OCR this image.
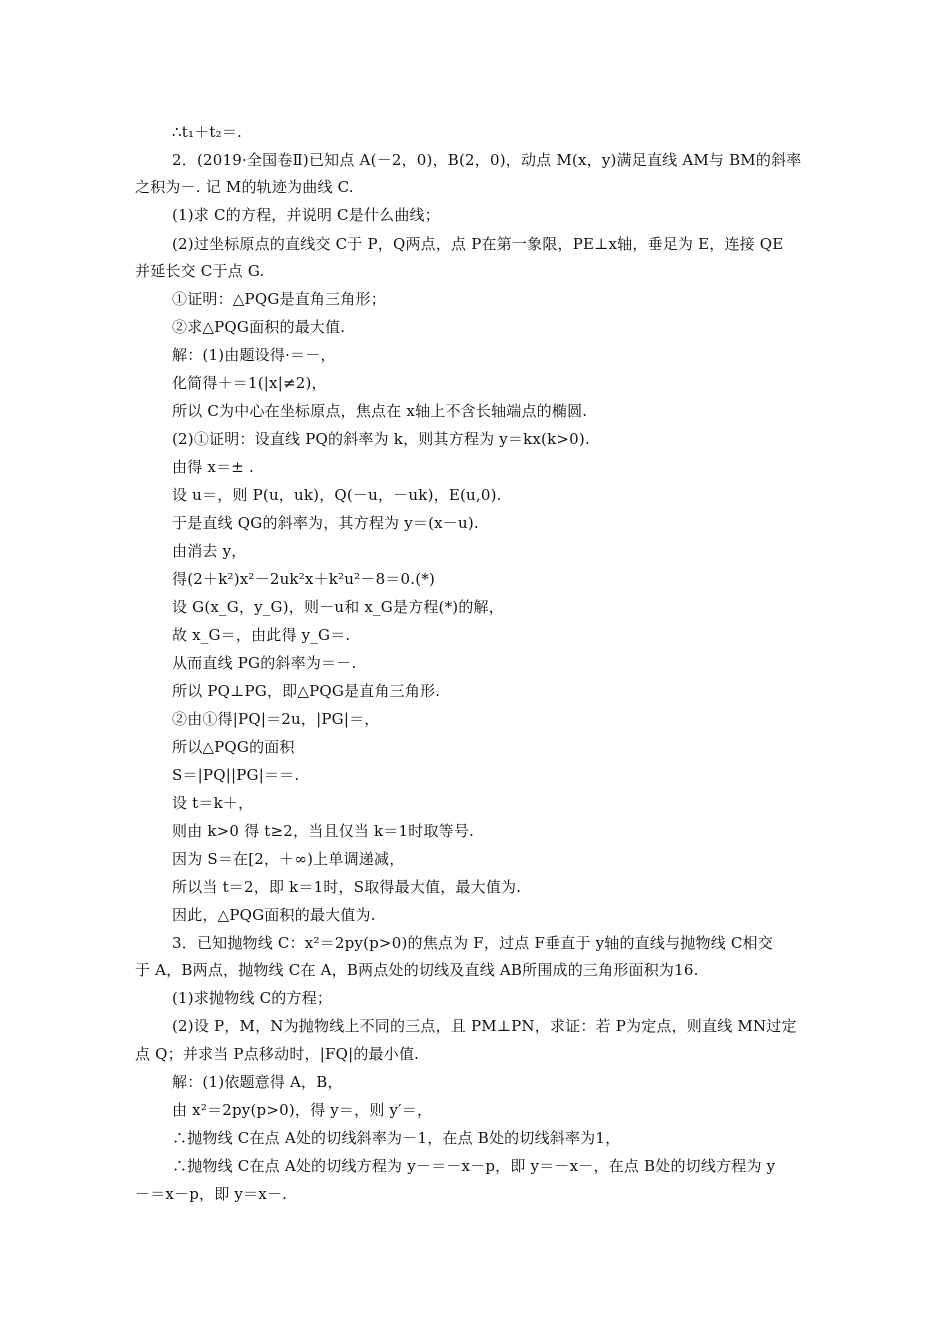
∴t₁＋t₂＝.
2．(2019·全国卷Ⅱ)已知点 A(－2，0)，B(2，0)，动点 M(x，y)满足直线 AM与 BM的斜率
之积为－. 记 M的轨迹为曲线 C.
(1)求 C的方程，并说明 C是什么曲线；
(2)过坐标原点的直线交 C于 P，Q两点，点 P在第一象限，PE⊥x轴，垂足为 E，连接 QE
并延长交 C于点 G.
①证明：△PQG是直角三角形；
②求△PQG面积的最大值.
解：(1)由题设得·＝－，
化简得＋＝1(|x|≠2)，
所以 C为中心在坐标原点，焦点在 x轴上不含长轴端点的椭圆.
(2)①证明：设直线 PQ的斜率为 k，则其方程为 y＝kx(k>0).
由得 x＝± .
设 u＝，则 P(u，uk)，Q(－u，－uk)，E(u,0).
于是直线 QG的斜率为，其方程为 y＝(x－u).
由消去 y，
得(2＋k²)x²－2uk²x＋k²u²－8＝0.(*)
设 G(x_G，y_G)，则－u和 x_G是方程(*)的解，
故 x_G＝，由此得 y_G＝.
从而直线 PG的斜率为＝－.
所以 PQ⊥PG，即△PQG是直角三角形.
②由①得|PQ|＝2u，|PG|＝，
所以△PQG的面积
S＝|PQ||PG|＝＝.
设 t＝k＋，
则由 k>0 得 t≥2，当且仅当 k＝1时取等号.
因为 S＝在[2，＋∞)上单调递减，
所以当 t＝2，即 k＝1时，S取得最大值，最大值为.
因此，△PQG面积的最大值为.
3．已知抛物线 C：x²＝2py(p>0)的焦点为 F，过点 F垂直于 y轴的直线与抛物线 C相交
于 A，B两点，抛物线 C在 A，B两点处的切线及直线 AB所围成的三角形面积为16.
(1)求抛物线 C的方程；
(2)设 P，M，N为抛物线上不同的三点，且 PM⊥PN，求证：若 P为定点，则直线 MN过定
点 Q；并求当 P点移动时，|FQ|的最小值.
解：(1)依题意得 A，B，
由 x²＝2py(p>0)，得 y＝，则 y′＝，
∴抛物线 C在点 A处的切线斜率为－1，在点 B处的切线斜率为1，
∴抛物线 C在点 A处的切线方程为 y－＝－x－p，即 y＝－x－，在点 B处的切线方程为 y
－＝x－p，即 y＝x－.
